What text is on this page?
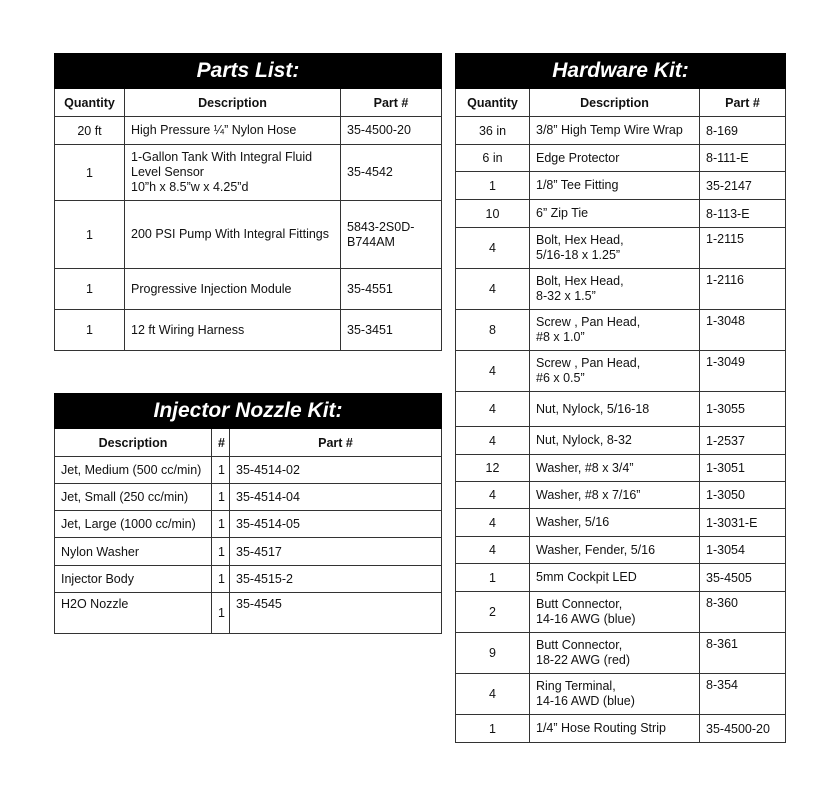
Parts List:		
Quantity	Description	Part #
20 ft	High Pressure ¼” Nylon Hose	35-4500-20

1	1-Gallon Tank With Integral Fluid
Level Sensor
10”h x 8.5”w x 4.25”d	35-4542

1	200 PSI Pump With Integral Fittings	5843-2S0D-
B744AM

1	Progressive Injection Module	35-4551

1	12 ft Wiring Harness	35-3451
Injector Nozzle Kit:		
Description	#	Part #
Jet, Medium (500 cc/min)	1	35-4514-02
Jet, Small (250 cc/min)	1	35-4514-04
Jet, Large (1000 cc/min)	1	35-4514-05
Nylon Washer	1	35-4517
Injector Body	1	35-4515-2
H2O Nozzle	1	35-4545
Hardware Kit:		
Quantity	Description	Part #
36 in	3/8” High Temp Wire Wrap	8-169
6 in	Edge Protector	8-111-E
1	1/8” Tee Fitting	35-2147
10	6” Zip Tie	8-113-E
4	Bolt, Hex Head,
5/16-18 x 1.25”	1-2115
4	Bolt, Hex Head,
8-32 x 1.5”	1-2116
8	Screw , Pan Head,
#8 x 1.0”	1-3048
4	Screw , Pan Head,
#6 x 0.5”	1-3049
4	Nut, Nylock, 5/16-18	1-3055
4	Nut, Nylock, 8-32	1-2537
12	Washer, #8 x 3/4”	1-3051
4	Washer, #8 x 7/16”	1-3050
4	Washer, 5/16	1-3031-E
4	Washer, Fender, 5/16	1-3054
1	5mm Cockpit LED	35-4505
2	Butt Connector,
14-16 AWG (blue)	8-360
9	Butt Connector,
18-22 AWG (red)	8-361
4	Ring Terminal,
14-16 AWD (blue)	8-354
1	1/4” Hose Routing Strip	35-4500-20
